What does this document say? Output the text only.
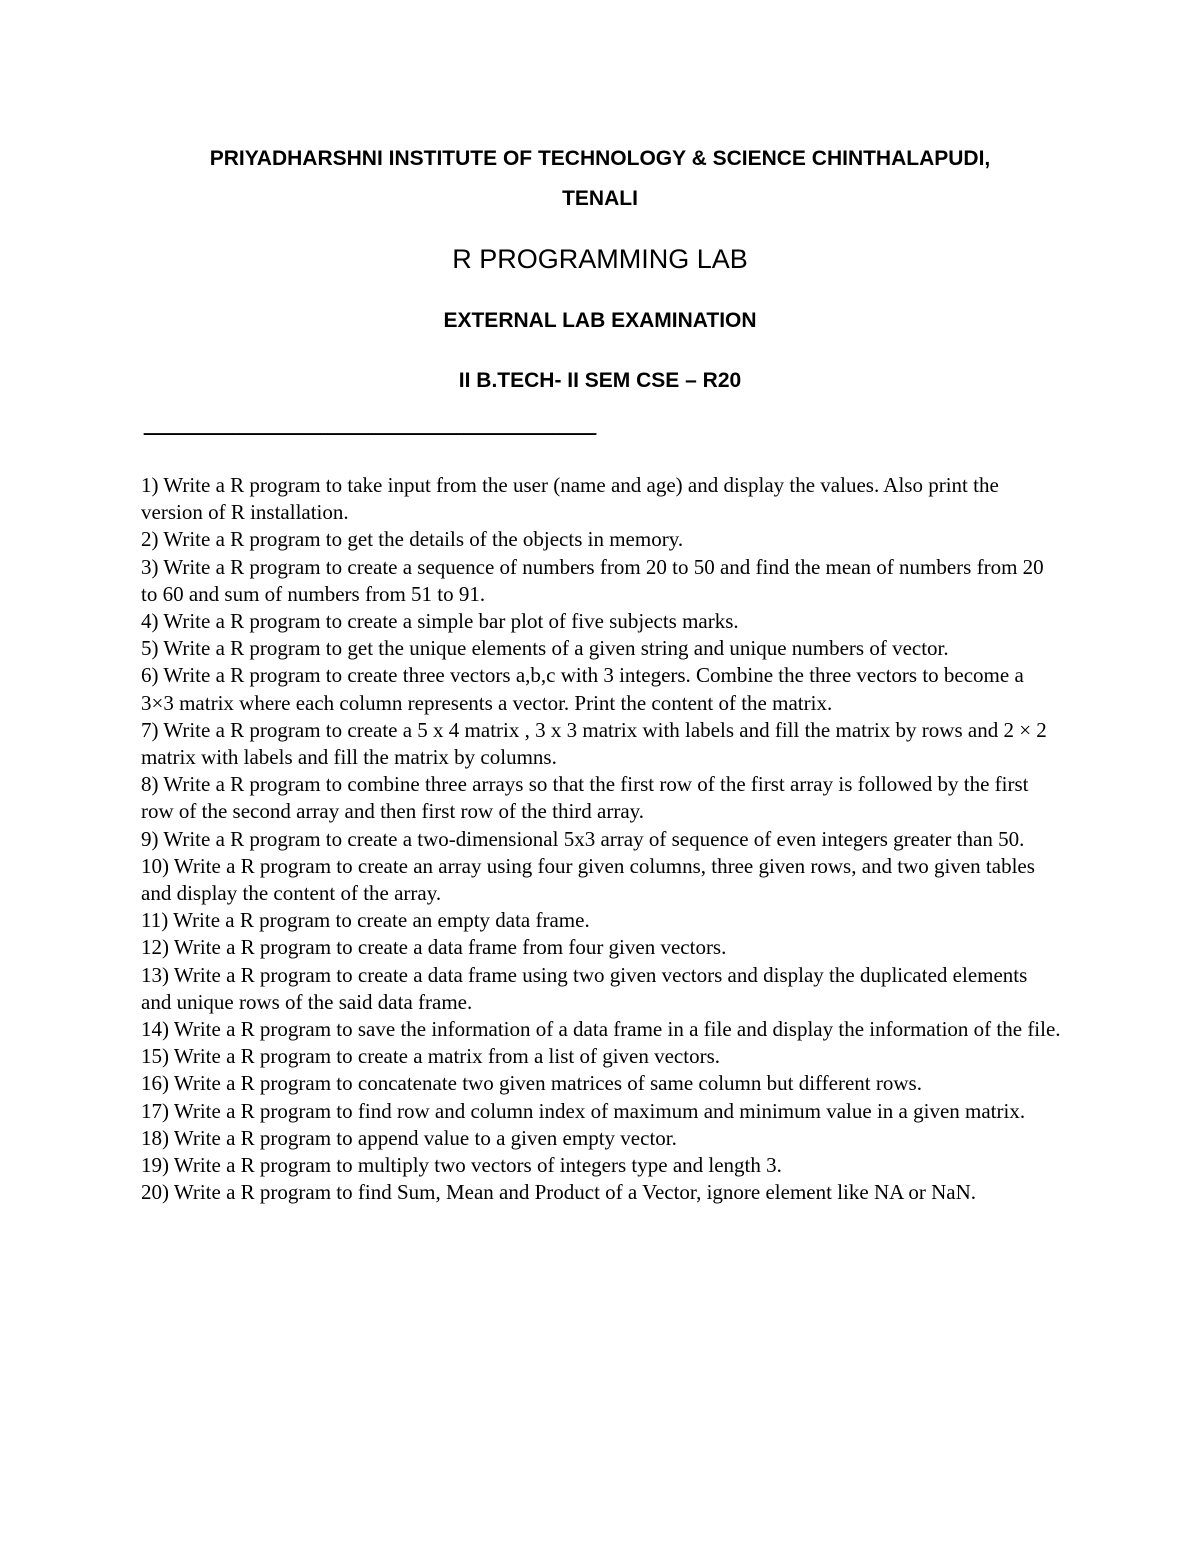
PRIYADHARSHNI INSTITUTE OF TECHNOLOGY & SCIENCE CHINTHALAPUDI,
TENALI
R PROGRAMMING LAB
EXTERNAL LAB EXAMINATION
II B.TECH- II SEM CSE – R20
---------------------------------------------------------------------------------------------------------------------------
1) Write a R program to take input from the user (name and age) and display the values. Also print the version of R installation.
2) Write a R program to get the details of the objects in memory.
3) Write a R program to create a sequence of numbers from 20 to 50 and find the mean of numbers from 20 to 60 and sum of numbers from 51 to 91.
4) Write a R program to create a simple bar plot of five subjects marks.
5) Write a R program to get the unique elements of a given string and unique numbers of vector.
6) Write a R program to create three vectors a,b,c with 3 integers. Combine the three vectors to become a 3×3 matrix where each column represents a vector. Print the content of the matrix.
7) Write a R program to create a 5 x 4 matrix , 3 x 3 matrix with labels and fill the matrix by rows and 2 × 2 matrix with labels and fill the matrix by columns.
8) Write a R program to combine three arrays so that the first row of the first array is followed by the first row of the second array and then first row of the third array.
9) Write a R program to create a two-dimensional 5x3 array of sequence of even integers greater than 50.
10) Write a R program to create an array using four given columns, three given rows, and two given tables and display the content of the array.
11) Write a R program to create an empty data frame.
12) Write a R program to create a data frame from four given vectors.
13) Write a R program to create a data frame using two given vectors and display the duplicated elements and unique rows of the said data frame.
14) Write a R program to save the information of a data frame in a file and display the information of the file.
15) Write a R program to create a matrix from a list of given vectors.
16) Write a R program to concatenate two given matrices of same column but different rows.
17) Write a R program to find row and column index of maximum and minimum value in a given matrix.
18) Write a R program to append value to a given empty vector.
19) Write a R program to multiply two vectors of integers type and length 3.
20) Write a R program to find Sum, Mean and Product of a Vector, ignore element like NA or NaN.
